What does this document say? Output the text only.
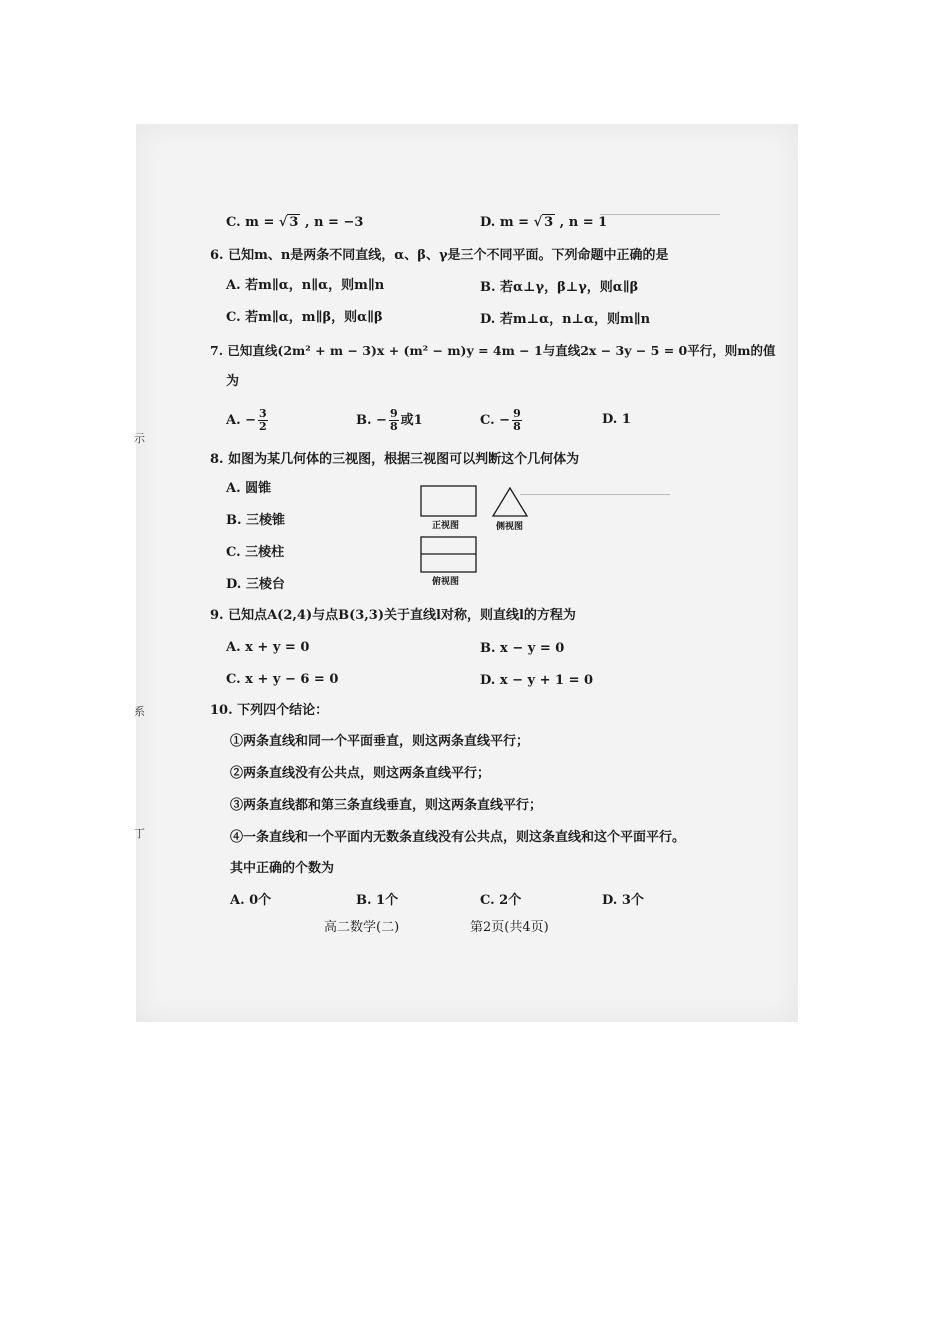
示
系
丁
C. m = √ 3 , n = −3	D. m = √ 3 , n = 1
6. 已知m、n是两条不同直线，α、β、γ是三个不同平面。下列命题中正确的是
A. 若m∥α，n∥α，则m∥n	B. 若α⊥γ，β⊥γ，则α∥β
C. 若m∥α，m∥β，则α∥β	D. 若m⊥α，n⊥α，则m∥n
7. 已知直线(2m² + m − 3)x + (m² − m)y = 4m − 1与直线2x − 3y − 5 = 0平行，则m的值
为
A. − $\frac{3}{2}$	B. − $\frac{9}{8}$ 或1	C. − $\frac{9}{8}$	D. 1
8. 如图为某几何体的三视图，根据三视图可以判断这个几何体为
A. 圆锥
B. 三棱锥
C. 三棱柱
D. 三棱台
正视图	侧视图
俯视图
9. 已知点A(2,4)与点B(3,3)关于直线l对称，则直线l的方程为
A. x + y = 0	B. x − y = 0
C. x + y − 6 = 0	D. x − y + 1 = 0
10. 下列四个结论：
①两条直线和同一个平面垂直，则这两条直线平行；
②两条直线没有公共点，则这两条直线平行；
③两条直线都和第三条直线垂直，则这两条直线平行；
④一条直线和一个平面内无数条直线没有公共点，则这条直线和这个平面平行。
其中正确的个数为
A. 0个	B. 1个	C. 2个	D. 3个
高二数学(二)	第2页(共4页)
